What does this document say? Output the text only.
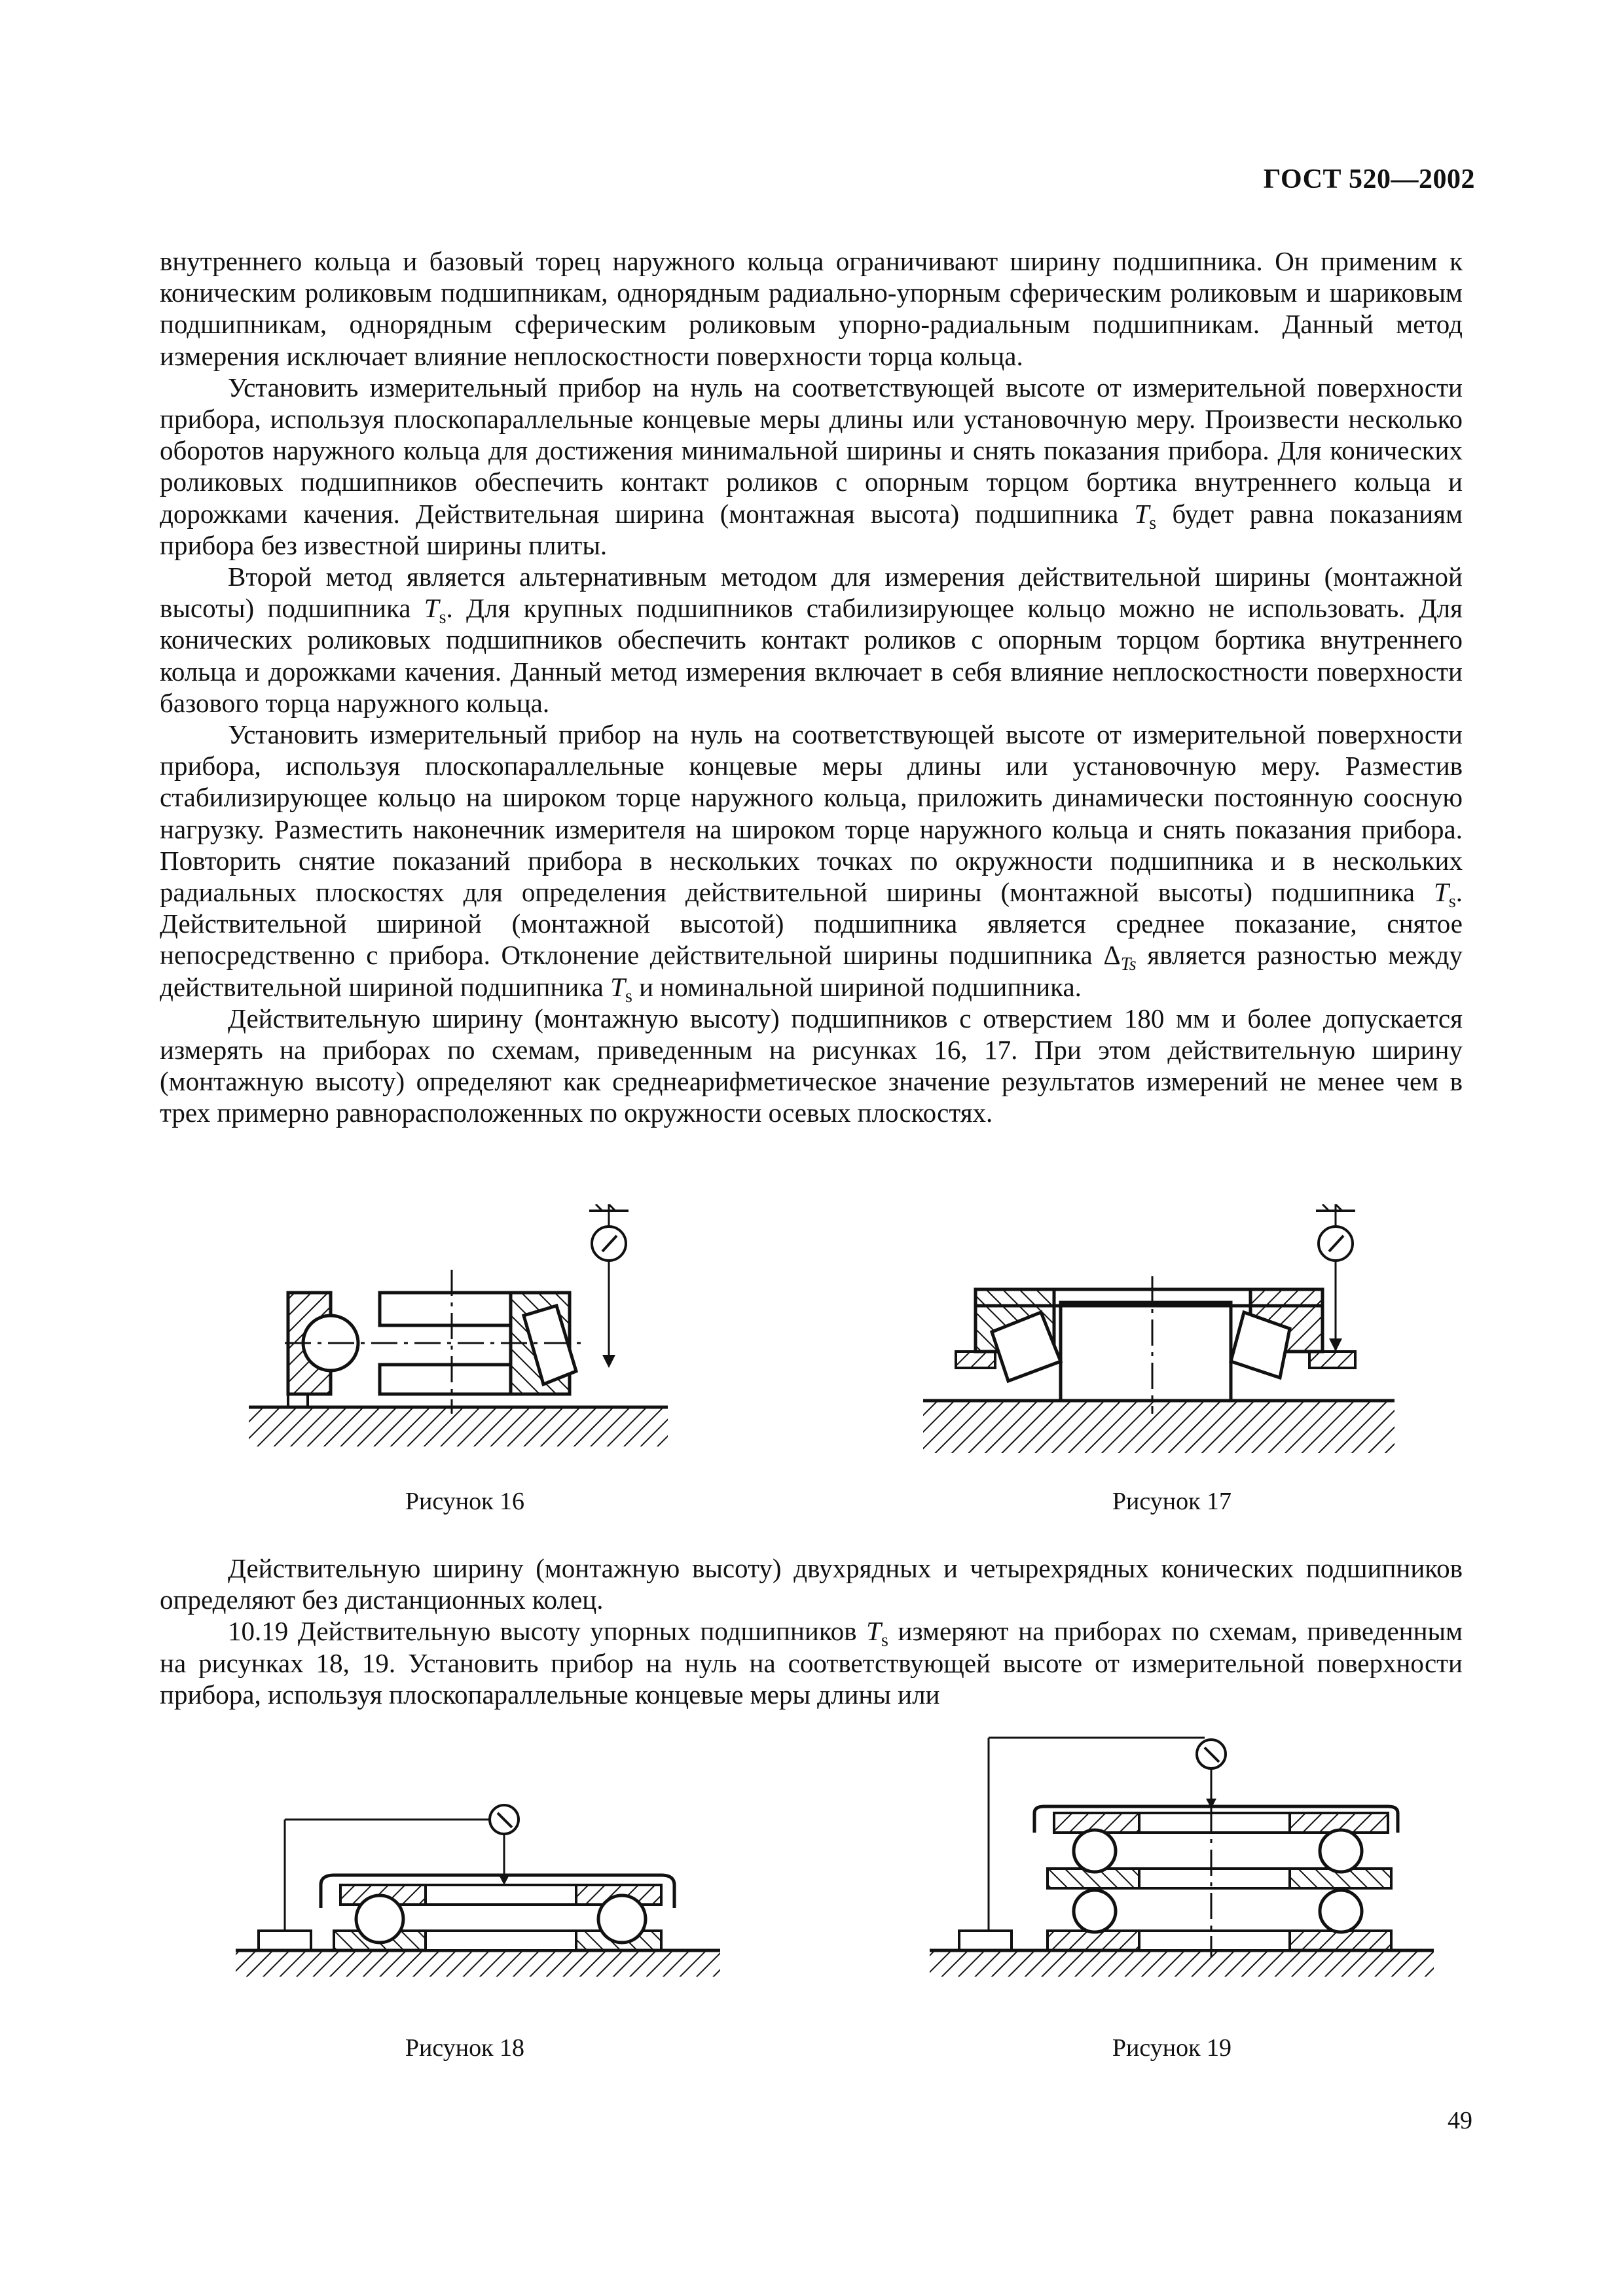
ГОСТ 520—2002

внутреннего кольца и базовый торец наружного кольца ограничивают ширину подшипника. Он применим к коническим роликовым подшипникам, однорядным радиально-упорным сферическим роликовым и шариковым подшипникам, однорядным сферическим роликовым упорно-радиальным подшипникам. Данный метод измерения исключает влияние неплоскостности поверхности торца кольца.

Установить измерительный прибор на нуль на соответствующей высоте от измерительной поверхности прибора, используя плоскопараллельные концевые меры длины или установочную меру. Произвести несколько оборотов наружного кольца для достижения минимальной ширины и снять показания прибора. Для конических роликовых подшипников обеспечить контакт роликов с опорным торцом бортика внутреннего кольца и дорожками качения. Действительная ширина (монтажная высота) подшипника $T_s$ будет равна показаниям прибора без известной ширины плиты.

Второй метод является альтернативным методом для измерения действительной ширины (монтажной высоты) подшипника $T_s$. Для крупных подшипников стабилизирующее кольцо можно не использовать. Для конических роликовых подшипников обеспечить контакт роликов с опорным торцом бортика внутреннего кольца и дорожками качения. Данный метод измерения включает в себя влияние неплоскостности поверхности базового торца наружного кольца.

Установить измерительный прибор на нуль на соответствующей высоте от измерительной поверхности прибора, используя плоскопараллельные концевые меры длины или установочную меру. Разместив стабилизирующее кольцо на широком торце наружного кольца, приложить динамически постоянную соосную нагрузку. Разместить наконечник измерителя на широком торце наружного кольца и снять показания прибора. Повторить снятие показаний прибора в нескольких точках по окружности подшипника и в нескольких радиальных плоскостях для определения действительной ширины (монтажной высоты) подшипника $T_s$. Действительной шириной (монтажной высотой) подшипника является среднее показание, снятое непосредственно с прибора. Отклонение действительной ширины подшипника $\Delta_{Ts}$ является разностью между действительной шириной подшипника $T_s$ и номинальной шириной подшипника.

Действительную ширину (монтажную высоту) подшипников с отверстием 180 мм и более допускается измерять на приборах по схемам, приведенным на рисунках 16, 17. При этом действительную ширину (монтажную высоту) определяют как среднеарифметическое значение результатов измерений не менее чем в трех примерно равнорасположенных по окружности осевых плоскостях.

Рисунок 16	Рисунок 17

Действительную ширину (монтажную высоту) двухрядных и четырехрядных конических подшипников определяют без дистанционных колец.

10.19 Действительную высоту упорных подшипников $T_s$ измеряют на приборах по схемам, приведенным на рисунках 18, 19. Установить прибор на нуль на соответствующей высоте от измерительной поверхности прибора, используя плоскопараллельные концевые меры длины или

Рисунок 18	Рисунок 19
49
